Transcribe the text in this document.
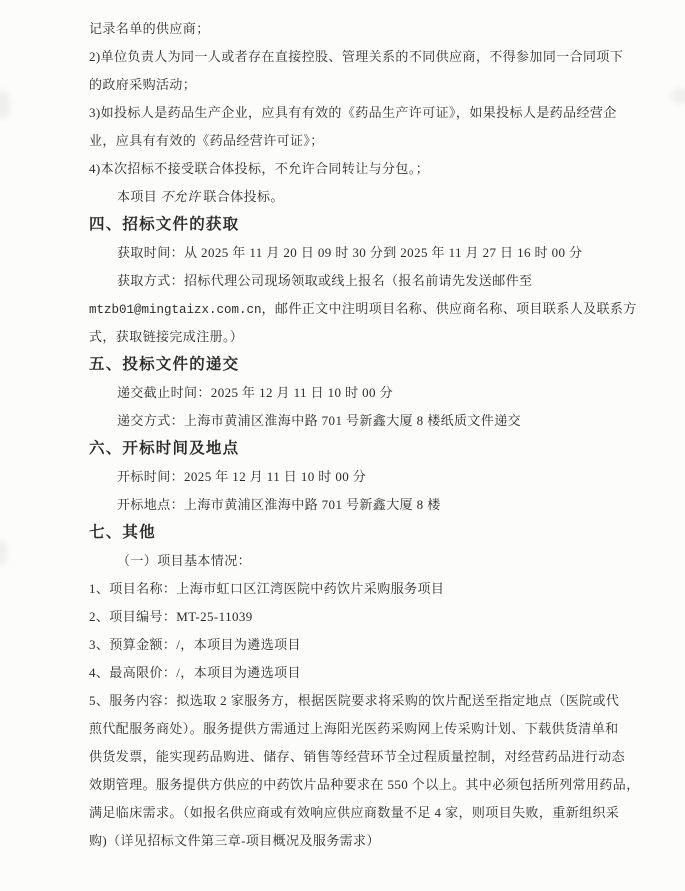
记录名单的供应商；
2)单位负责人为同一人或者存在直接控股、管理关系的不同供应商，不得参加同一合同项下
的政府采购活动；
3)如投标人是药品生产企业，应具有有效的《药品生产许可证》，如果投标人是药品经营企
业，应具有有效的《药品经营许可证》；
4)本次招标不接受联合体投标，不允许合同转让与分包。；
本项目 不允许 联合体投标。
四、招标文件的获取
获取时间：从 2025 年 11 月 20 日 09 时 30 分到 2025 年 11 月 27 日 16 时 00 分
获取方式：招标代理公司现场领取或线上报名（报名前请先发送邮件至
mtzb01@mingtaizx.com.cn，邮件正文中注明项目名称、供应商名称、项目联系人及联系方
式，获取链接完成注册。）
五、投标文件的递交
递交截止时间：2025 年 12 月 11 日 10 时 00 分
递交方式：上海市黄浦区淮海中路 701 号新鑫大厦 8 楼纸质文件递交
六、开标时间及地点
开标时间：2025 年 12 月 11 日 10 时 00 分
开标地点：上海市黄浦区淮海中路 701 号新鑫大厦 8 楼
七、其他
（一）项目基本情况：
1、项目名称：上海市虹口区江湾医院中药饮片采购服务项目
2、项目编号：MT-25-11039
3、预算金额：/，本项目为遴选项目
4、最高限价：/，本项目为遴选项目
5、服务内容：拟选取 2 家服务方，根据医院要求将采购的饮片配送至指定地点（医院或代
煎代配服务商处）。服务提供方需通过上海阳光医药采购网上传采购计划、下载供货清单和
供货发票，能实现药品购进、储存、销售等经营环节全过程质量控制，对经营药品进行动态
效期管理。服务提供方供应的中药饮片品种要求在 550 个以上。其中必须包括所列常用药品，
满足临床需求。（如报名供应商或有效响应供应商数量不足 4 家，则项目失败，重新组织采
购)（详见招标文件第三章-项目概况及服务需求）
